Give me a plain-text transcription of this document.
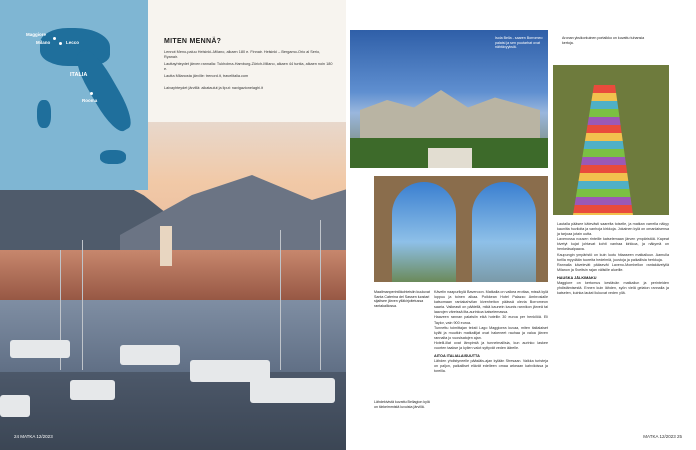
Maggiore
Milano	Lecco
ITALIA
Rooma
MITEN MENNÄ?

Lennot Meno-paluu Helsinki–Milano, alkaen 180 e. Finnair. Helsinki – Bergamo-Orio al Serio, Ryanair.

Lauttayhteydet järven rannalla: Tukholma-Hamburg-Zürich-Milano, alkaen 44 tuntia, alkaen noin 180 e.

Lautta Milanosta järville: trenord.it, travelitalia.com

Laivayhteydet järvillä: aikataulut ja liput: navigazionelaghi.it

24 MATKA 12/2023
Isola Bella - saaren Borromeo palatsi ja sen puutarhat ovat nähtävyyksiä.
Aronan yksikorkuinen portaikko on kuvattu tuhansia kertoja.
Maailmanperintökohteisiin kuuluvat Santa Caterina del Sassen luostari sijaitsee järven ylläkirjoitetussa rantakalliossa.
Lähdekivistä kuvattu Bellagion kylä on tärkeimmistä luvuista järvillä.
Kävelin naapurikylä Bavenoon. Matkalla on vaikea erottaa, missä kylä loppuu ja toinen alkaa. Poikkean Hotel Palazzo Ambrosialle katsomaan rantakahvilan kivenheiton päässä olevia Borromeon saaria. Vaikeasti on päätellä, mikä kaunein kaunis rannikon järveä tai laavojen väreissä ilta-aurinkoa katselemassa.
Haaveen rannan palatsiin eikä hotellin 30 euroa per henkilöä. Eli Taylor, vain 900 euroa.
Tunnettu toimittajan teksti Lago Maggiorea kuvaa, miten italialaiset kylät ja muutkin matkailijat ovat hakeneet rauhaa ja valoa järven rannalta jo vuosisatojen ajan.
Hotelli-illat ovat lämpimiä ja tunnelmallisia, kun aurinko laskee vuorten taakse ja kylien valot syttyvät veden äärelle.
AITOA ITALIALAISUUTTA
Lähden yhdistyneelle pääsiäis-ajan kylään Stresaan. Vaikka turisteja on paljon, paikalliset elävät edelleen omaa arkeaan kahviloissa ja toreilla.
Lautalla pääsee kätevästi saarelta toiselle, ja matkan varrella näkyy kauniita huviloita ja vanhoja kirkkoja. Jokainen kylä on omanlaisensa ja tarjoaa jotain uutta.
Lavenossa nousen rinteille katselemaan järven ympäristöä. Kapeat kivetyt kujat johtavat kohti vanhaa kirkkoa, ja näkymä on henkeäsalpaava.
Kaupungin ympäristö on kuin luotu hitaaseen matkailuun. Aamulla torilla myydään tuoreita hedelmiä, juustoja ja paikallisia herkkuja.
Rannalla kävelevät pääsevät Laveno-Mombellon rantakävelyllä Milanon ja Sveitsin rajan välisille alueille.
HAUSKA JÄLKIMAKU
Maggiore on kertomus kestävän matkailun ja perinteiden yhdistämisestä. Ennen kuin lähden, syön vielä gelaton rannalla ja katselen, kuinka lautat liukuvat veden yllä.
MATKA 12/2023 25
